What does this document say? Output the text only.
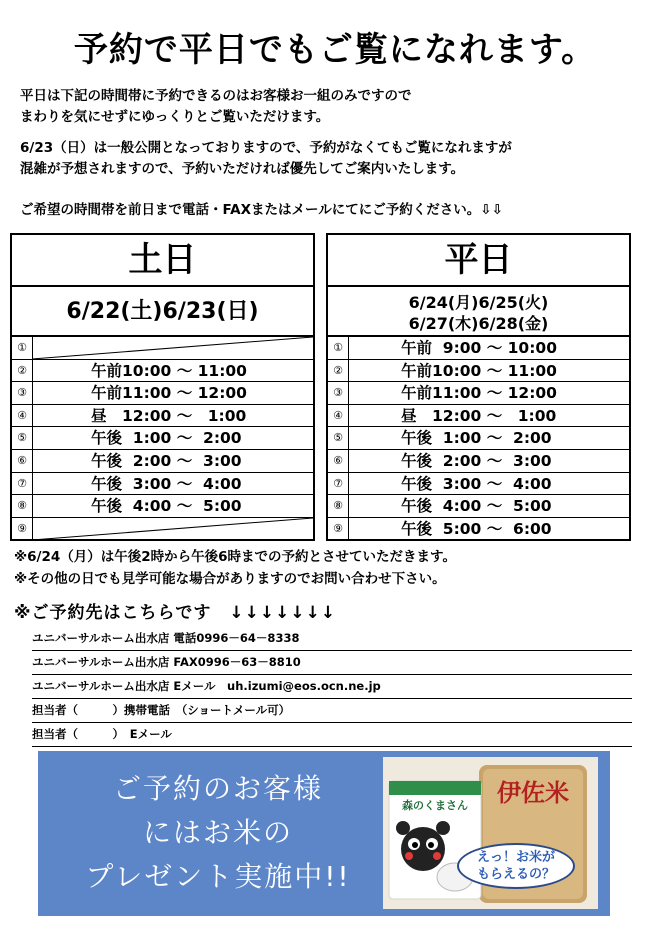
予約で平日でもご覧になれます。

平日は下記の時間帯に予約できるのはお客様お一組のみですので
まわりを気にせずにゆっくりとご覧いただけます。

6/23（日）は一般公開となっておりますので、予約がなくてもご覧になれますが
混雑が予想されますので、予約いただければ優先してご案内いたします。

ご希望の時間帯を前日まで電話・FAXまたはメールにてにご予約ください。⇩⇩

土日
6/22(土)6/23(日)
①
②	午前10:00 ～ 11:00
③	午前11:00 ～ 12:00
④	昼　12:00 ～　1:00
⑤	午後  1:00 ～  2:00
⑥	午後  2:00 ～  3:00
⑦	午後  3:00 ～  4:00
⑧	午後  4:00 ～  5:00
⑨
平日
6/24(月)6/25(火)
6/27(木)6/28(金)
①	午前  9:00 ～ 10:00
②	午前10:00 ～ 11:00
③	午前11:00 ～ 12:00
④	昼　12:00 ～　1:00
⑤	午後  1:00 ～  2:00
⑥	午後  2:00 ～  3:00
⑦	午後  3:00 ～  4:00
⑧	午後  4:00 ～  5:00
⑨	午後  5:00 ～  6:00
※6/24（月）は午後2時から午後6時までの予約とさせていただきます。
※その他の日でも見学可能な場合がありますのでお問い合わせ下さい。
※ご予約先はこちらです　↓↓↓↓↓↓↓
ユニバーサルホーム出水店 電話0996－64－8338
ユニバーサルホーム出水店 FAX0996－63－8810
ユニバーサルホーム出水店 Eメール　uh.izumi@eos.ocn.ne.jp
担当者（　　　）携帯電話　（ショートメール可）
担当者（　　　）　Eメール
ご予約のお客様
にはお米の
プレゼント実施中!!
森のくまさん	伊佐米
えっ！お米が
もらえるの？
